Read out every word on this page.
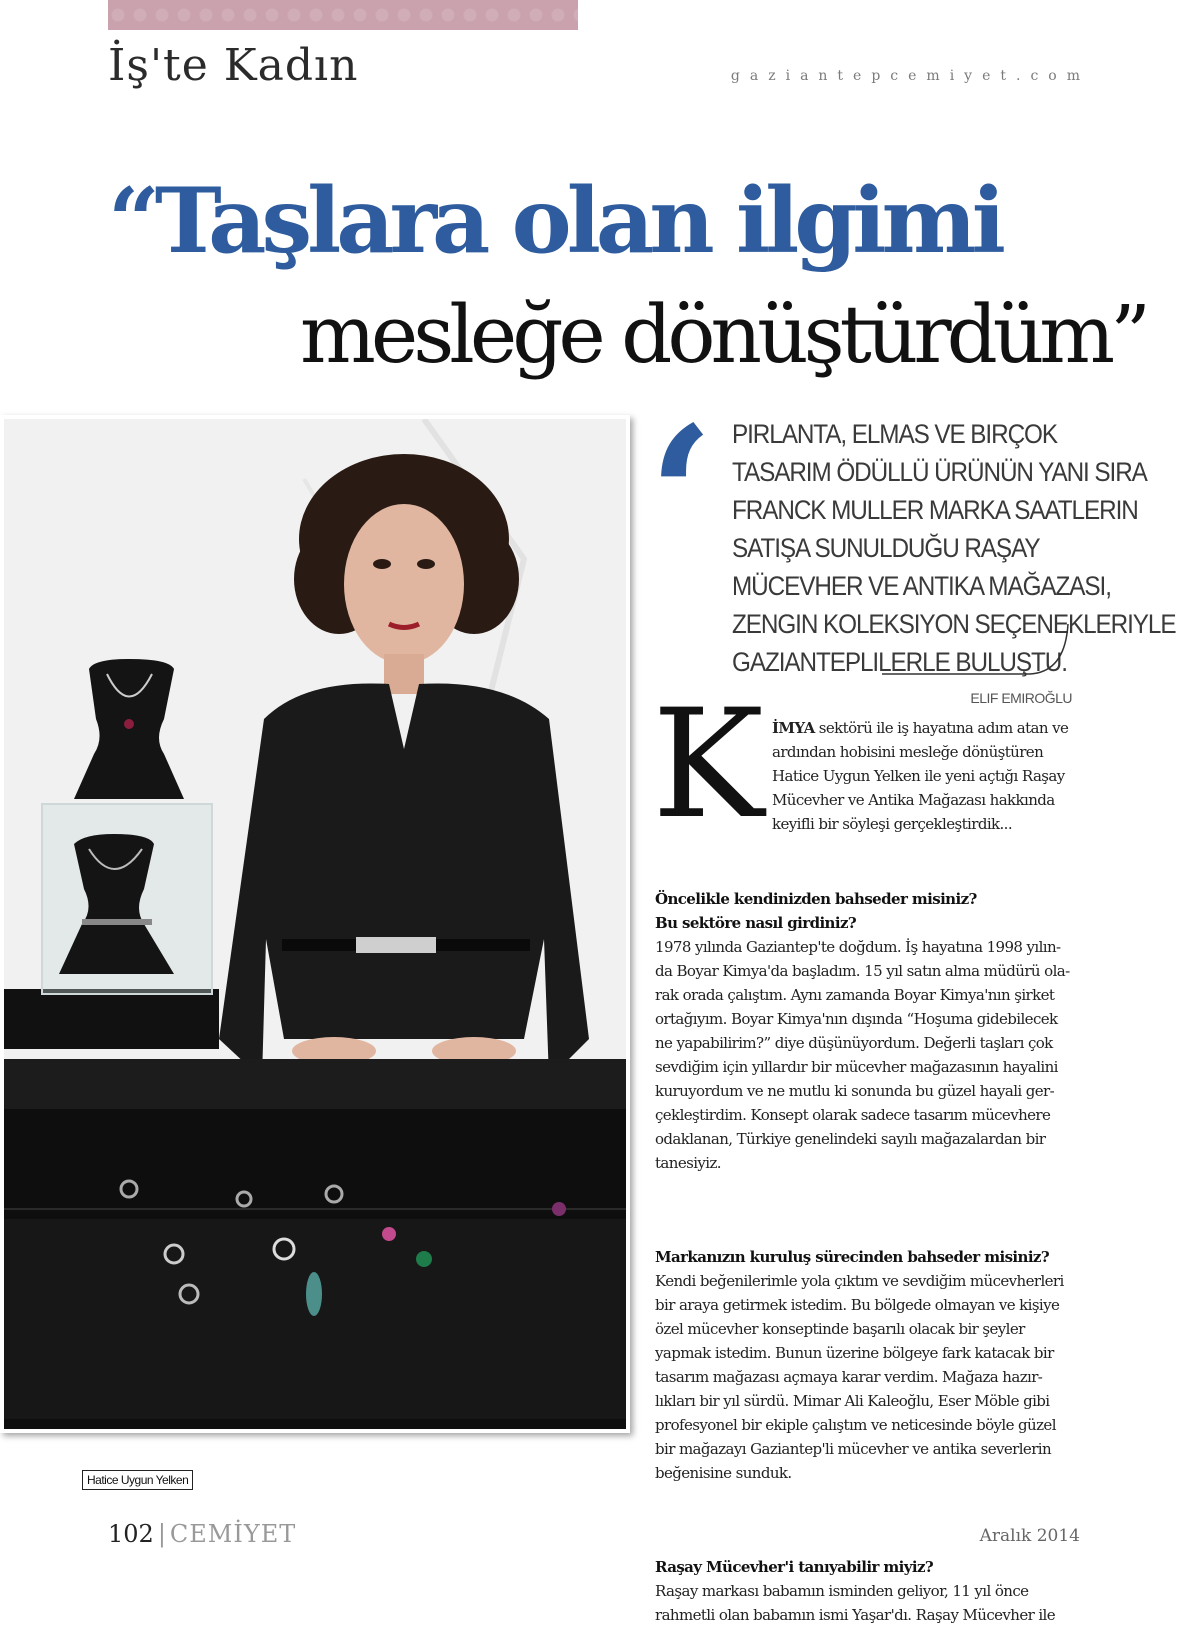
İş'te Kadın	gaziantepcemiyet.com
“Taşlara olan ilgimi
mesleğe dönüştürdüm”
Hatice Uygun Yelken
‘ PIRLANTA, ELMAS VE BIRÇOK
TASARIM ÖDÜLLÜ ÜRÜNÜN YANI SIRA
FRANCK MULLER MARKA SAATLERIN
SATIŞA SUNULDUĞU RAŞAY
MÜCEVHER VE ANTIKA MAĞAZASI,
ZENGIN KOLEKSIYON SEÇENEKLERIYLE
GAZIANTEPLILERLE BULUŞTU.
ELIF EMIROĞLU
K İMYA sektörü ile iş hayatına adım atan ve
ardından hobisini mesleğe dönüştüren
Hatice Uygun Yelken ile yeni açtığı Raşay
Mücevher ve Antika Mağazası hakkında
keyifli bir söyleşi gerçekleştirdik...

Öncelikle kendinizden bahseder misiniz?
Bu sektöre nasıl girdiniz?
1978 yılında Gaziantep'te doğdum. İş hayatına 1998 yılın-
da Boyar Kimya'da başladım. 15 yıl satın alma müdürü ola-
rak orada çalıştım. Aynı zamanda Boyar Kimya'nın şirket
ortağıyım. Boyar Kimya'nın dışında “Hoşuma gidebilecek
ne yapabilirim?” diye düşünüyordum. Değerli taşları çok
sevdiğim için yıllardır bir mücevher mağazasının hayalini
kuruyordum ve ne mutlu ki sonunda bu güzel hayali ger-
çekleştirdim. Konsept olarak sadece tasarım mücevhere
odaklanan, Türkiye genelindeki sayılı mağazalardan bir
tanesiyiz.

Markanızın kuruluş sürecinden bahseder misiniz?
Kendi beğenilerimle yola çıktım ve sevdiğim mücevherleri
bir araya getirmek istedim. Bu bölgede olmayan ve kişiye
özel mücevher konseptinde başarılı olacak bir şeyler
yapmak istedim. Bunun üzerine bölgeye fark katacak bir
tasarım mağazası açmaya karar verdim. Mağaza hazır-
lıkları bir yıl sürdü. Mimar Ali Kaleoğlu, Eser Möble gibi
profesyonel bir ekiple çalıştım ve neticesinde böyle güzel
bir mağazayı Gaziantep'li mücevher ve antika severlerin
beğenisine sunduk.

Raşay Mücevher'i tanıyabilir miyiz?
Raşay markası babamın isminden geliyor, 11 yıl önce
rahmetli olan babamın ismi Yaşar'dı. Raşay Mücevher ile

102 | CEMİYET	Aralık 2014
